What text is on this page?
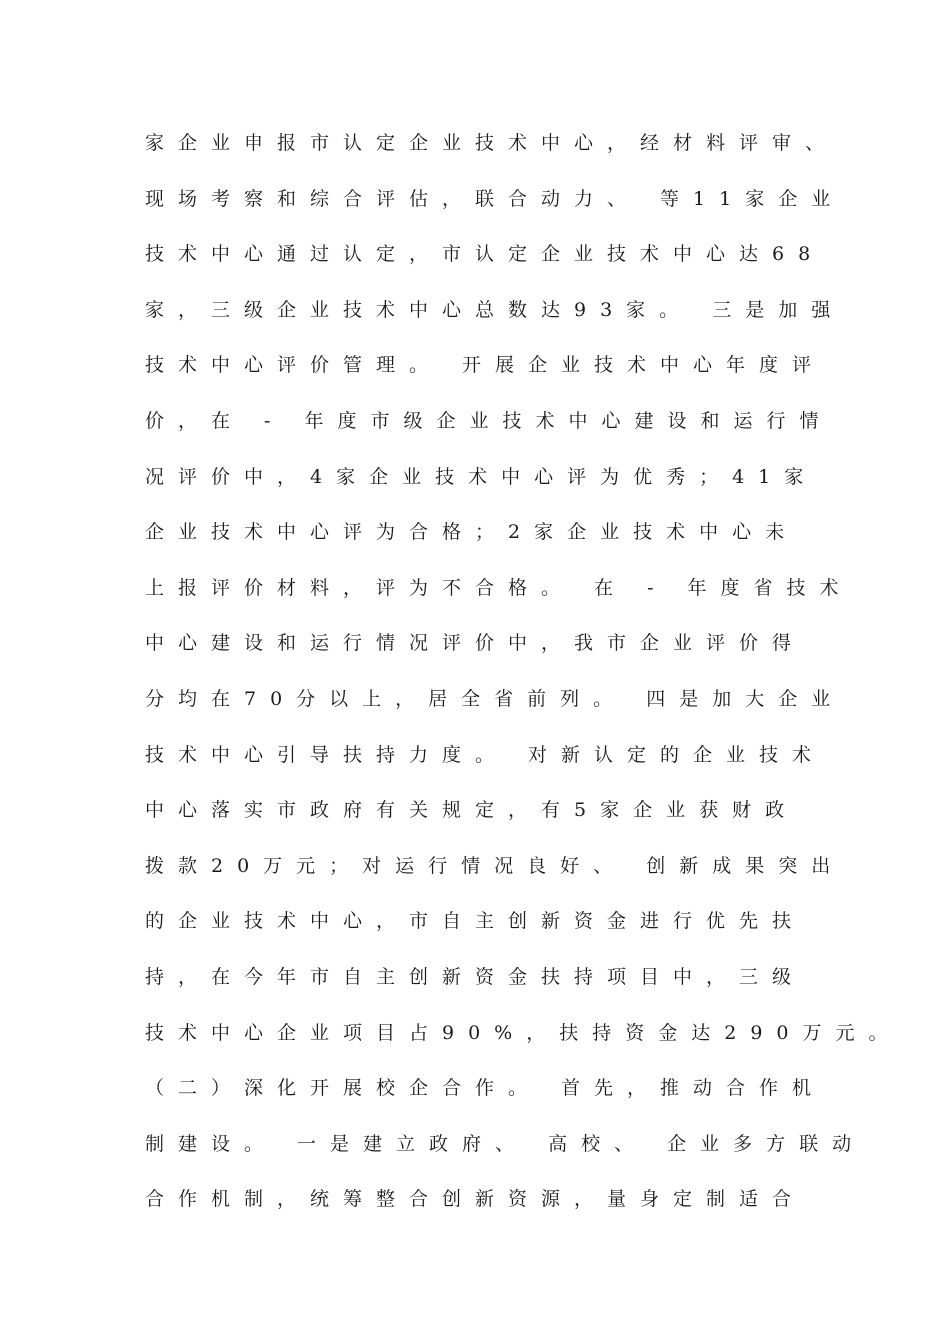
家企业申报市认定企业技术中心，经材料评审、
现场考察和综合评估，联合动力、 等11家企业
技术中心通过认定，市认定企业技术中心达68
家，三级企业技术中心总数达93家。 三是加强
技术中心评价管理。 开展企业技术中心年度评
价，在 - 年度市级企业技术中心建设和运行情
况评价中，4家企业技术中心评为优秀；41家
企业技术中心评为合格；2家企业技术中心未
上报评价材料，评为不合格。 在 - 年度省技术
中心建设和运行情况评价中，我市企业评价得
分均在70分以上，居全省前列。 四是加大企业
技术中心引导扶持力度。 对新认定的企业技术
中心落实市政府有关规定，有5家企业获财政
拨款20万元；对运行情况良好、 创新成果突出
的企业技术中心，市自主创新资金进行优先扶
持，在今年市自主创新资金扶持项目中，三级
技术中心企业项目占90%，扶持资金达290万元。
（二）深化开展校企合作。 首先，推动合作机
制建设。 一是建立政府、 高校、 企业多方联动
合作机制，统筹整合创新资源，量身定制适合
